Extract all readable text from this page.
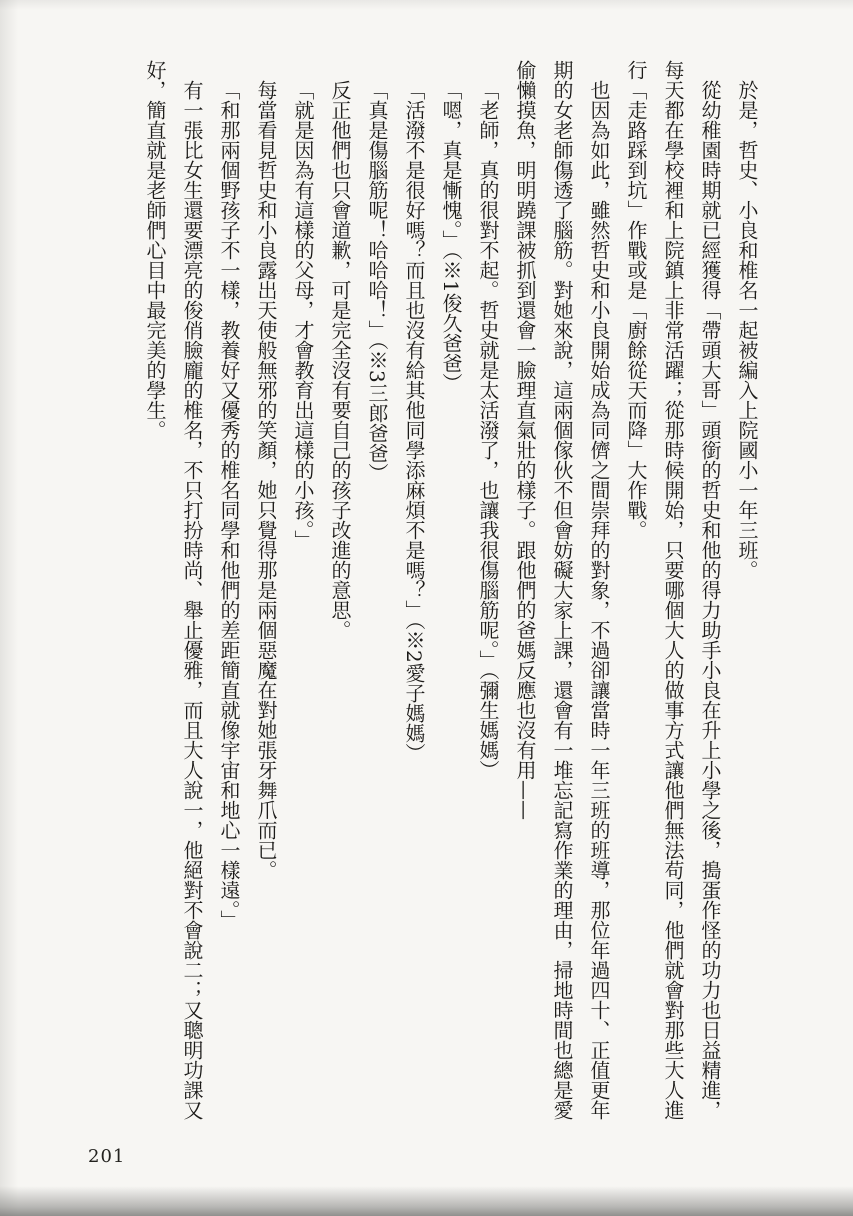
於是，哲史、小良和椎名一起被編入上院國小一年三班。

從幼稚園時期就已經獲得「帶頭大哥」頭銜的哲史和他的得力助手小良在升上小學之後，搗蛋作怪的功力也日益精進，每天都在學校裡和上院鎮上非常活躍；從那時候開始，只要哪個大人的做事方式讓他們無法苟同，他們就會對那些大人進行「走路踩到坑」作戰或是「廚餘從天而降」大作戰。

也因為如此，雖然哲史和小良開始成為同儕之間崇拜的對象，不過卻讓當時一年三班的班導，那位年過四十、正值更年期的女老師傷透了腦筋。對她來說，這兩個傢伙不但會妨礙大家上課，還會有一堆忘記寫作業的理由，掃地時間也總是愛偷懶摸魚，明明蹺課被抓到還會一臉理直氣壯的樣子。跟他們的爸媽反應也沒有用——

「老師，真的很對不起。哲史就是太活潑了，也讓我很傷腦筋呢。」（彌生媽媽）

「嗯，真是慚愧。」（※1俊久爸爸）

「活潑不是很好嗎？而且也沒有給其他同學添麻煩不是嗎？」（※2愛子媽媽）

「真是傷腦筋呢！哈哈哈！」（※3三郎爸爸）

反正他們也只會道歉，可是完全沒有要自己的孩子改進的意思。

「就是因為有這樣的父母，才會教育出這樣的小孩。」

每當看見哲史和小良露出天使般無邪的笑顏，她只覺得那是兩個惡魔在對她張牙舞爪而已。

「和那兩個野孩子不一樣，教養好又優秀的椎名同學和他們的差距簡直就像宇宙和地心一樣遠。」

有一張比女生還要漂亮的俊俏臉龐的椎名，不只打扮時尚、舉止優雅，而且大人說一，他絕對不會說二；又聰明功課又好，簡直就是老師們心目中最完美的學生。

201
